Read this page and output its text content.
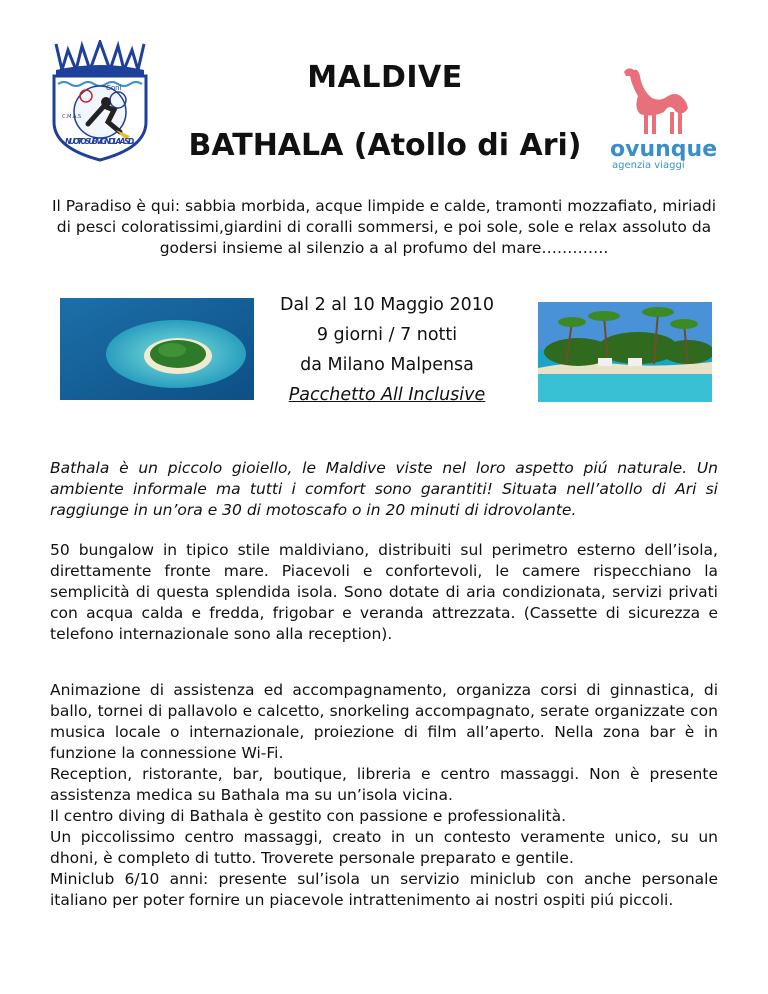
Coni
C.M.A.S
NUOTO SUB VIGNOLA A.S.D.
MALDIVE
BATHALA (Atollo di Ari)	ovunque
agenzia viaggi
Il Paradiso è qui: sabbia morbida, acque limpide e calde, tramonti mozzafiato, miriadi di pesci coloratissimi,giardini di coralli sommersi, e poi sole, sole e relax assoluto da godersi insieme al silenzio a al profumo del mare………….
Dal 2 al 10 Maggio 2010
9 giorni / 7 notti
da Milano Malpensa
Pacchetto All Inclusive
Bathala è un piccolo gioiello, le Maldive viste nel loro aspetto piú naturale. Un ambiente informale ma tutti i comfort sono garantiti! Situata nell’atollo di Ari si raggiunge in un’ora e 30 di motoscafo o in 20 minuti di idrovolante.
50 bungalow in tipico stile maldiviano, distribuiti sul perimetro esterno dell’isola, direttamente fronte mare. Piacevoli e confortevoli, le camere rispecchiano la semplicità di questa splendida isola. Sono dotate di aria condizionata, servizi privati con acqua calda e fredda, frigobar e veranda attrezzata. (Cassette di sicurezza e telefono internazionale sono alla reception).
Animazione di assistenza ed accompagnamento, organizza corsi di ginnastica, di ballo, tornei di pallavolo e calcetto, snorkeling accompagnato, serate organizzate con musica locale o internazionale, proiezione di film all’aperto. Nella zona bar è in funzione la connessione Wi-Fi.
Reception, ristorante, bar, boutique, libreria e centro massaggi. Non è presente assistenza medica su Bathala ma su un’isola vicina.
Il centro diving di Bathala è gestito con passione e professionalità.
Un piccolissimo centro massaggi, creato in un contesto veramente unico, su un dhoni, è completo di tutto. Troverete personale preparato e gentile.
Miniclub 6/10 anni: presente sul’isola un servizio miniclub con anche personale italiano per poter fornire un piacevole intrattenimento ai nostri ospiti piú piccoli.
